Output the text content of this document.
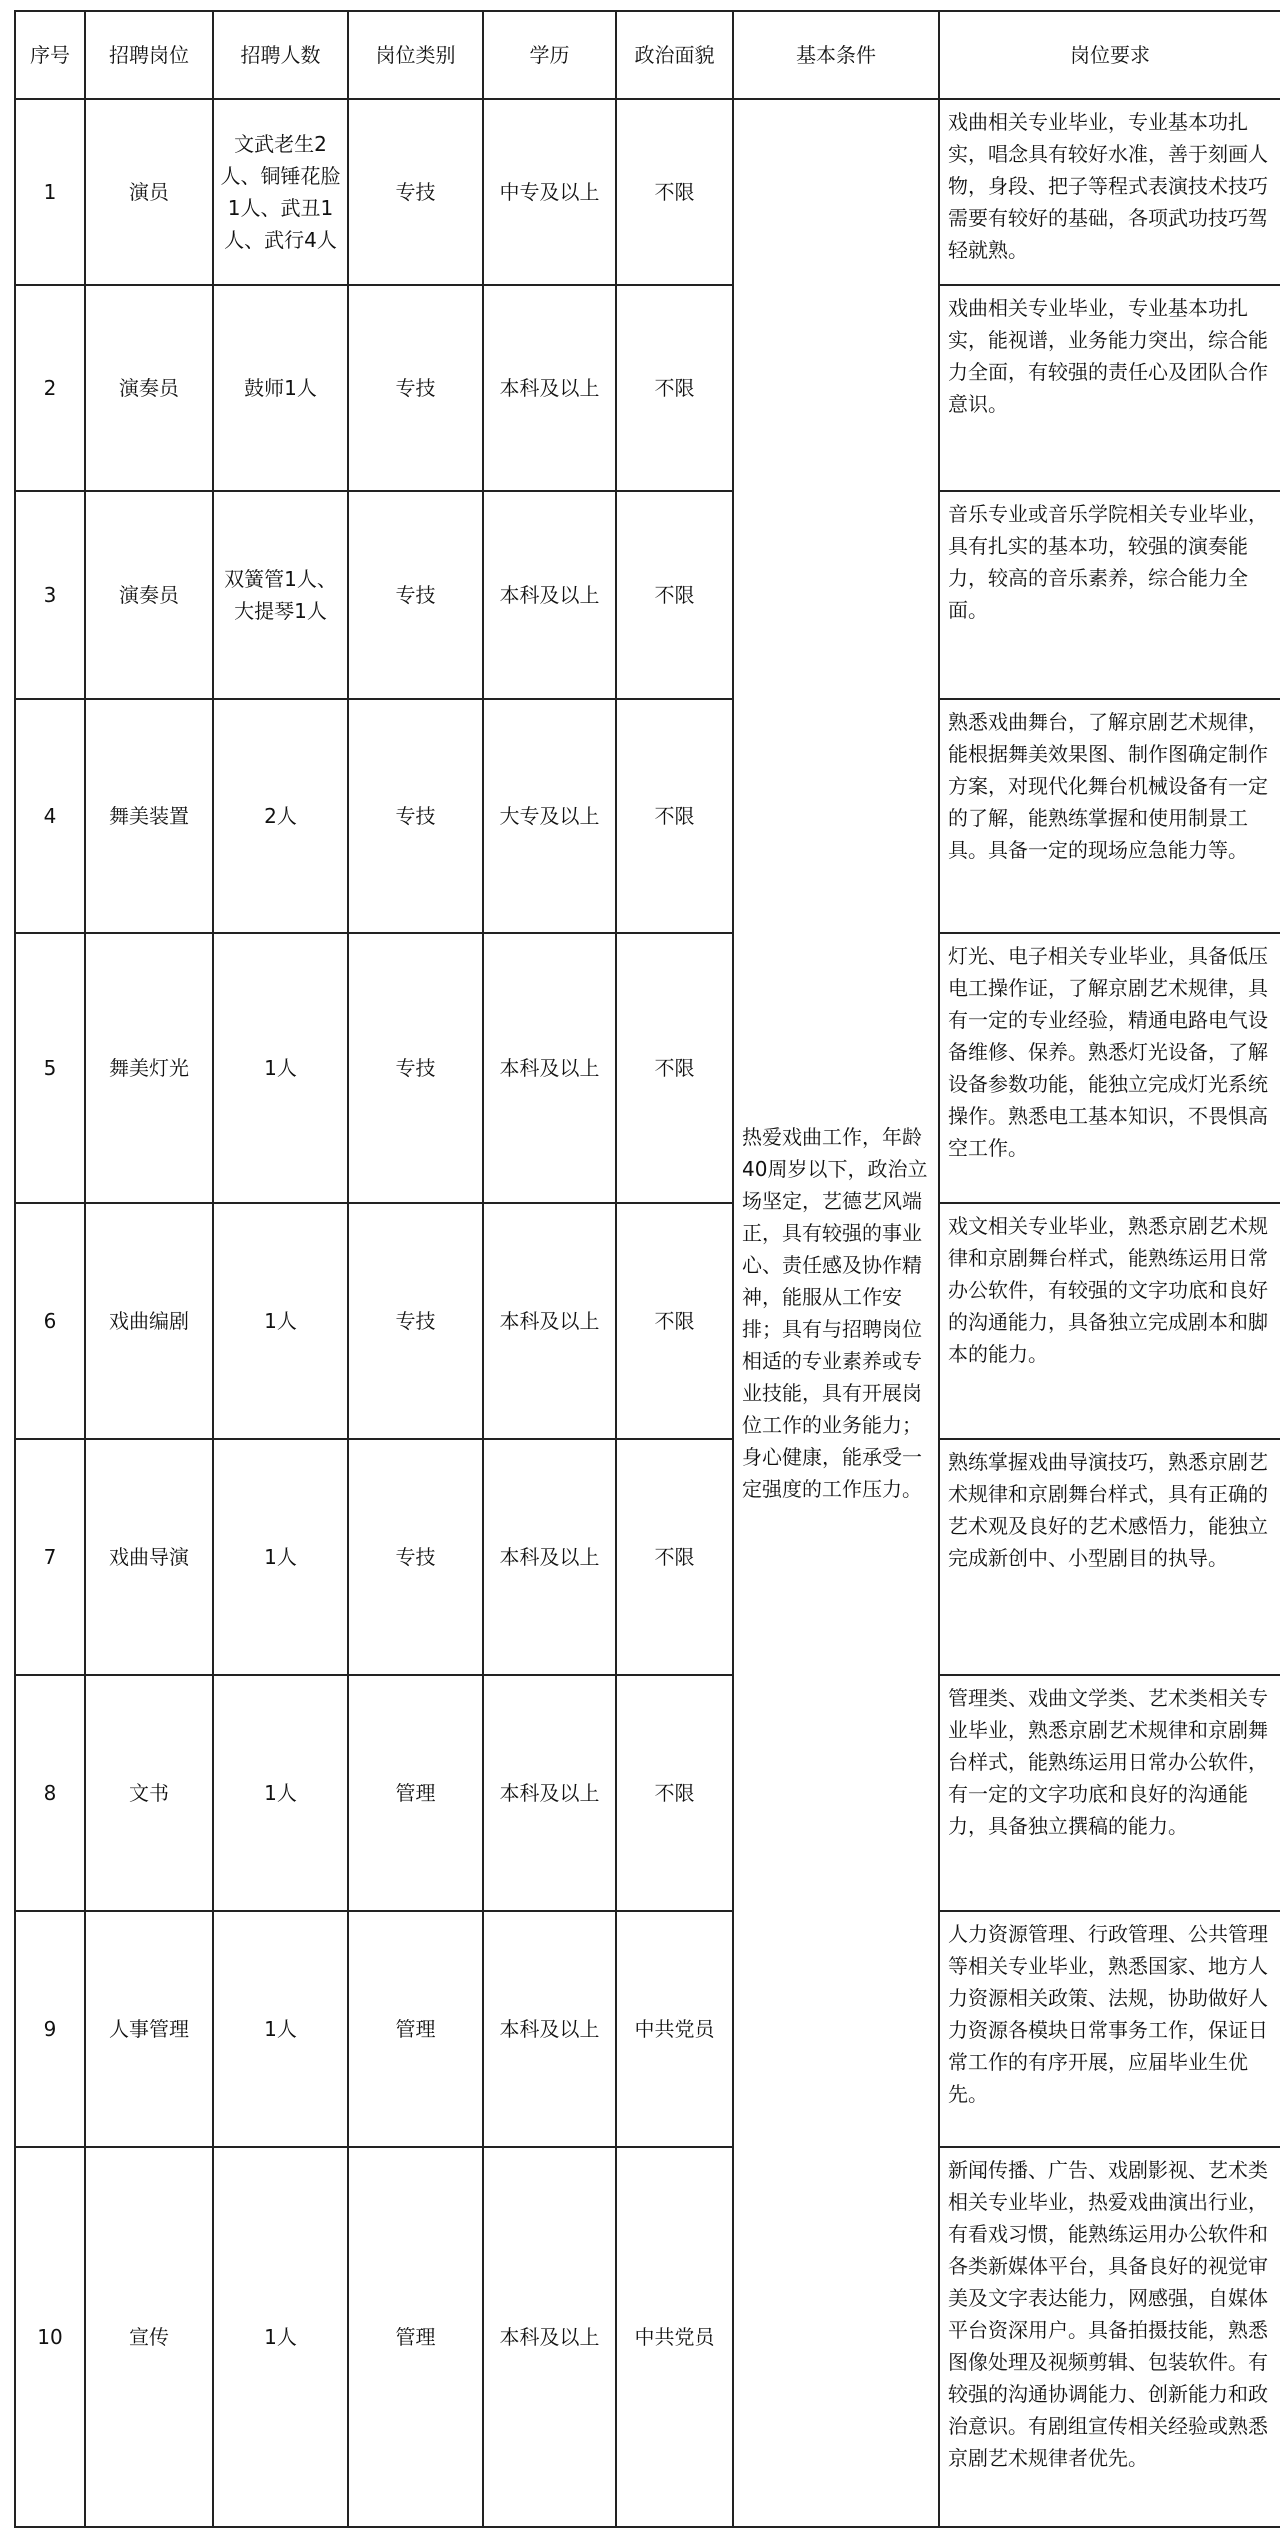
序号	招聘岗位	招聘人数	岗位类别	学历	政治面貌	基本条件	岗位要求
1	演员	文武老生2人、铜锤花脸1人、武丑1人、武行4人	专技	中专及以上	不限	热爱戏曲工作，年龄40周岁以下，政治立场坚定，艺德艺风端正，具有较强的事业心、责任感及协作精神，能服从工作安排；具有与招聘岗位相适的专业素养或专业技能，具有开展岗位工作的业务能力；身心健康，能承受一定强度的工作压力。	戏曲相关专业毕业，专业基本功扎实，唱念具有较好水准，善于刻画人物，身段、把子等程式表演技术技巧需要有较好的基础，各项武功技巧驾轻就熟。
2	演奏员	鼓师1人	专技	本科及以上	不限		戏曲相关专业毕业，专业基本功扎实，能视谱，业务能力突出，综合能力全面，有较强的责任心及团队合作意识。
3	演奏员	双簧管1人、大提琴1人	专技	本科及以上	不限		音乐专业或音乐学院相关专业毕业，具有扎实的基本功，较强的演奏能力，较高的音乐素养，综合能力全面。
4	舞美装置	2人	专技	大专及以上	不限		熟悉戏曲舞台，了解京剧艺术规律，能根据舞美效果图、制作图确定制作方案，对现代化舞台机械设备有一定的了解，能熟练掌握和使用制景工具。具备一定的现场应急能力等。
5	舞美灯光	1人	专技	本科及以上	不限		灯光、电子相关专业毕业，具备低压电工操作证，了解京剧艺术规律，具有一定的专业经验，精通电路电气设备维修、保养。熟悉灯光设备，了解设备参数功能，能独立完成灯光系统操作。熟悉电工基本知识，不畏惧高空工作。
6	戏曲编剧	1人	专技	本科及以上	不限		戏文相关专业毕业，熟悉京剧艺术规律和京剧舞台样式，能熟练运用日常办公软件，有较强的文字功底和良好的沟通能力，具备独立完成剧本和脚本的能力。
7	戏曲导演	1人	专技	本科及以上	不限		熟练掌握戏曲导演技巧，熟悉京剧艺术规律和京剧舞台样式，具有正确的艺术观及良好的艺术感悟力，能独立完成新创中、小型剧目的执导。
8	文书	1人	管理	本科及以上	不限		管理类、戏曲文学类、艺术类相关专业毕业，熟悉京剧艺术规律和京剧舞台样式，能熟练运用日常办公软件，有一定的文字功底和良好的沟通能力，具备独立撰稿的能力。
9	人事管理	1人	管理	本科及以上	中共党员		人力资源管理、行政管理、公共管理等相关专业毕业，熟悉国家、地方人力资源相关政策、法规，协助做好人力资源各模块日常事务工作，保证日常工作的有序开展，应届毕业生优先。
10	宣传	1人	管理	本科及以上	中共党员		新闻传播、广告、戏剧影视、艺术类相关专业毕业，热爱戏曲演出行业，有看戏习惯，能熟练运用办公软件和各类新媒体平台，具备良好的视觉审美及文字表达能力，网感强，自媒体平台资深用户。具备拍摄技能，熟悉图像处理及视频剪辑、包装软件。有较强的沟通协调能力、创新能力和政治意识。有剧组宣传相关经验或熟悉京剧艺术规律者优先。
